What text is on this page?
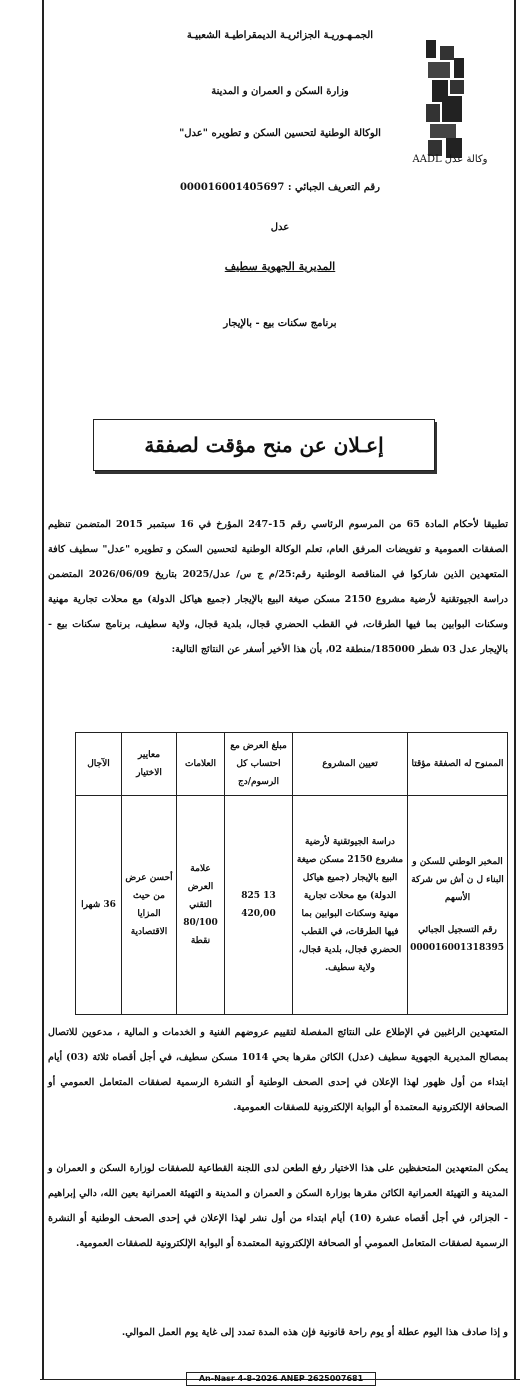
وكالة عدل AADL
الجمـهـوريـة الجزائريـة الديمقراطيـة الشعبيـة
وزارة السكن و العمران و المدينة
الوكالة الوطنية لتحسين السكن و تطويره "عدل"
رقم التعريف الجبائي : 000016001405697
عدل
المديرية الجهوية سطيف
برنامج سكنات بيع - بالإيجار
إعـلان عن منح مؤقت لصفقة
تطبيقا لأحكام المادة 65 من المرسوم الرئاسي رقم 15-247 المؤرخ في 16 سبتمبر 2015 المتضمن تنظيم الصفقات العمومية و تفويضات المرفق العام، تعلم الوكالة الوطنية لتحسين السكن و تطويره "عدل" سطيف كافة المتعهدين الذين شاركوا في المناقصة الوطنية رقم:25/م ج س/ عدل/2025 بتاريخ 2026/06/09 المتضمن دراسة الجيوتقنية لأرضية مشروع 2150 مسكن صيغة البيع بالإيجار (جميع هياكل الدولة) مع محلات تجارية مهنية وسكنات البوابين بما فيها الطرقات، في القطب الحضري قجال، بلدية قجال، ولاية سطيف، برنامج سكنات بيع - بالإيجار عدل 03 شطر 185000/منطقة 02، بأن هذا الأخير أسفر عن النتائج التالية:
الممنوح له الصفقة مؤقتا	تعيين المشروع	مبلغ العرض مع احتساب كل الرسوم/دج	العلامات	معايير الاختيار	الآجال

المخبر الوطني للسكن و البناء ل ن أش س شركة الأسهم
رقم التسجيل الجبائي 000016001318395	دراسة الجيوتقنية لأرضية مشروع 2150 مسكن صيغة البيع بالإيجار (جميع هياكل الدولة) مع محلات تجارية مهنية وسكنات البوابين بما فيها الطرقات، في القطب الحضري قجال، بلدية قجال، ولاية سطيف.	13 825 420,00	علامة العرض التقني 80/100 نقطة	أحسن عرض من حيث المزايا الاقتصادية	36 شهرا
المتعهدين الراغبين في الإطلاع على النتائج المفصلة لتقييم عروضهم الفنية و الخدمات و المالية ، مدعوين للاتصال بمصالح المديرية الجهوية سطيف (عدل) الكائن مقرها بحي 1014 مسكن سطيف، في أجل أقصاه ثلاثة (03) أيام ابتداء من أول ظهور لهذا الإعلان في إحدى الصحف الوطنية أو النشرة الرسمية لصفقات المتعامل العمومي أو الصحافة الإلكترونية المعتمدة أو البوابة الإلكترونية للصفقات العمومية.
يمكن المتعهدين المتحفظين على هذا الاختيار رفع الطعن لدى اللجنة القطاعية للصفقات لوزارة السكن و العمران و المدينة و التهيئة العمرانية الكائن مقرها بوزارة السكن و العمران و المدينة و التهيئة العمرانية بعين الله، دالي إبراهيم - الجزائر، في أجل أقصاه عشرة (10) أيام ابتداء من أول نشر لهذا الإعلان في إحدى الصحف الوطنية أو النشرة الرسمية لصفقات المتعامل العمومي أو الصحافة الإلكترونية المعتمدة أو البوابة الإلكترونية للصفقات العمومية.
و إذا صادف هذا اليوم عطلة أو يوم راحة قانونية فإن هذه المدة تمدد إلى غاية يوم العمل الموالي.
An-Nasr 4-8-2026 ANEP 2625007681
